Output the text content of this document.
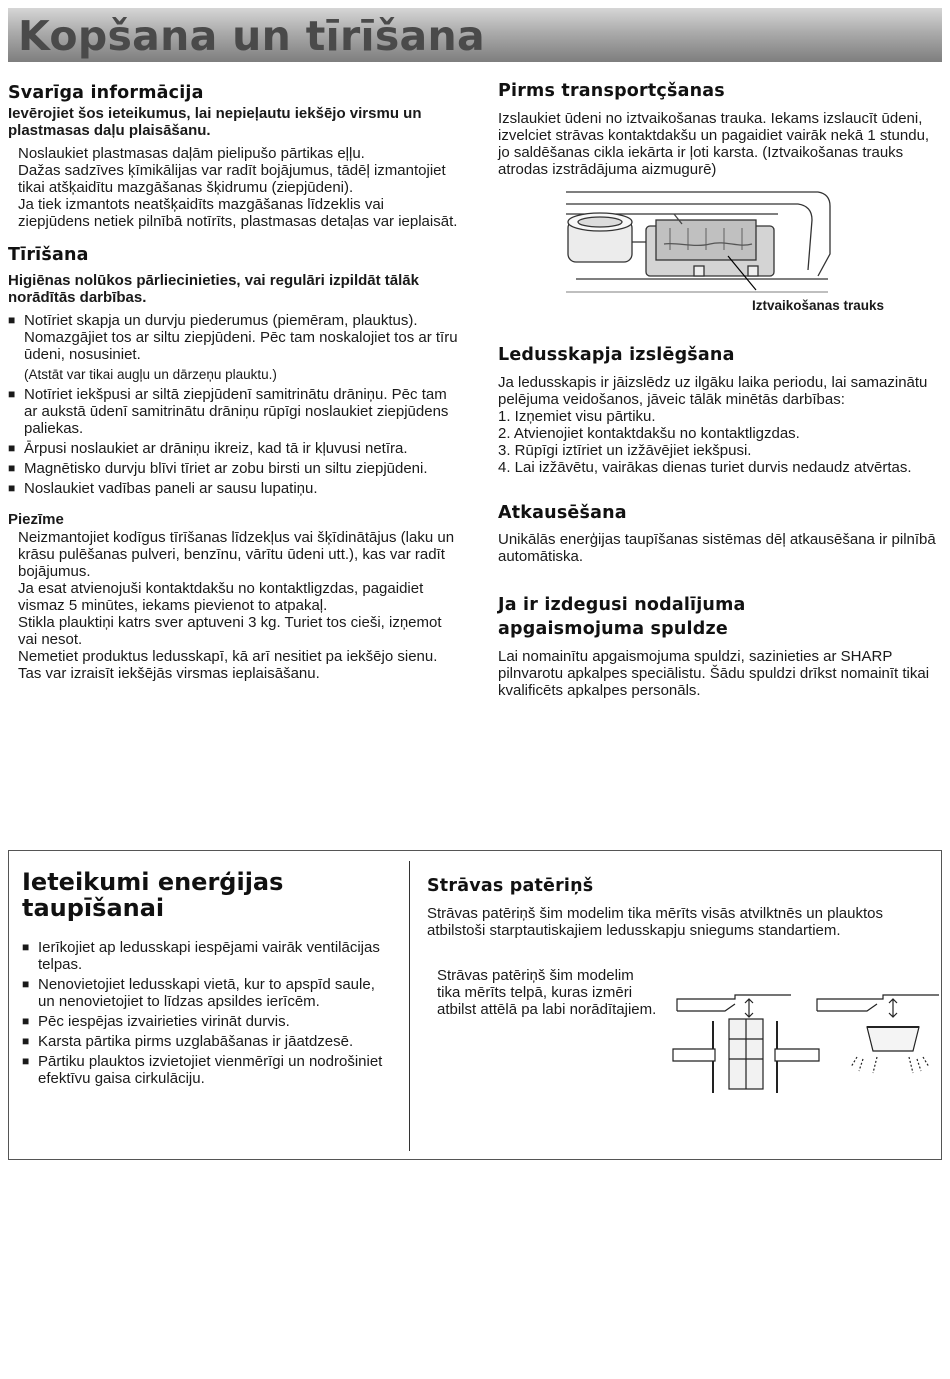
Kopšana un tīrīšana
Svarīga informācija

Ievērojiet šos ieteikumus, lai nepieļautu iekšējo virsmu un plastmasas daļu plaisāšanu.

Noslaukiet plastmasas daļām pielipušo pārtikas eļļu.

Dažas sadzīves ķīmikālijas var radīt bojājumus, tādēļ izmantojiet tikai atšķaidītu mazgāšanas šķidrumu (ziepjūdeni).

Ja tiek izmantots neatšķaidīts mazgāšanas līdzeklis vai ziepjūdens netiek pilnībā notīrīts, plastmasas detaļas var ieplaisāt.

Tīrīšana

Higiēnas nolūkos pārliecinieties, vai regulāri izpildāt tālāk norādītās darbības.

■ Notīriet skapja un durvju piederumus (piemēram, plauktus). Nomazgājiet tos ar siltu ziepjūdeni. Pēc tam noskalojiet tos ar tīru ūdeni, nosusiniet.
(Atstāt var tikai augļu un dārzeņu plauktu.)
■ Notīriet iekšpusi ar siltā ziepjūdenī samitrinātu drāniņu. Pēc tam ar aukstā ūdenī samitrinātu drāniņu rūpīgi noslaukiet ziepjūdens paliekas.
■ Ārpusi noslaukiet ar drāniņu ikreiz, kad tā ir kļuvusi netīra.
■ Magnētisko durvju blīvi tīriet ar zobu birsti un siltu ziepjūdeni.
■ Noslaukiet vadības paneli ar sausu lupatiņu.

Piezīme

Neizmantojiet kodīgus tīrīšanas līdzekļus vai šķīdinātājus (laku un krāsu pulēšanas pulveri, benzīnu, vārītu ūdeni utt.), kas var radīt bojājumus.

Ja esat atvienojuši kontaktdakšu no kontaktligzdas, pagaidiet vismaz 5 minūtes, iekams pievienot to atpakaļ.

Stikla plauktiņi katrs sver aptuveni 3 kg. Turiet tos cieši, izņemot vai nesot.

Nemetiet produktus ledusskapī, kā arī nesitiet pa iekšējo sienu. Tas var izraisīt iekšējās virsmas ieplaisāšanu.

Pirms transportçšanas

Izslaukiet ūdeni no iztvaikošanas trauka. Iekams izslaucīt ūdeni, izvelciet strāvas kontaktdakšu un pagaidiet vairāk nekā 1 stundu, jo saldēšanas cikla iekārta ir ļoti karsta. (Iztvaikošanas trauks atrodas izstrādājuma aizmugurē)

Iztvaikošanas trauks
Ledusskapja izslēgšana

Ja ledusskapis ir jāizslēdz uz ilgāku laika periodu, lai samazinātu pelējuma veidošanos, jāveic tālāk minētās darbības:

1. Izņemiet visu pārtiku.
2. Atvienojiet kontaktdakšu no kontaktligzdas.
3. Rūpīgi iztīriet un izžāvējiet iekšpusi.
4. Lai izžāvētu, vairākas dienas turiet durvis nedaudz atvērtas.
Atkausēšana

Unikālās enerģijas taupīšanas sistēmas dēļ atkausēšana ir pilnībā automātiska.

Ja ir izdegusi nodalījuma
apgaismojuma spuldze

Lai nomainītu apgaismojuma spuldzi, sazinieties ar SHARP pilnvarotu apkalpes speciālistu. Šādu spuldzi drīkst nomainīt tikai kvalificēts apkalpes personāls.

Ieteikumi enerģijas taupīšanai
■ Ierīkojiet ap ledusskapi iespējami vairāk ventilācijas telpas.
■ Nenovietojiet ledusskapi vietā, kur to apspīd saule, un nenovietojiet to līdzas apsildes ierīcēm.
■ Pēc iespējas izvairieties virināt durvis.
■ Karsta pārtika pirms uzglabāšanas ir jāatdzesē.
■ Pārtiku plauktos izvietojiet vienmērīgi un nodrošiniet efektīvu gaisa cirkulāciju.
Strāvas patēriņš

Strāvas patēriņš šim modelim tika mērīts visās atvilktnēs un plauktos atbilstoši starptautiskajiem ledusskapju sniegums standartiem.

Strāvas patēriņš šim modelim tika mērīts telpā, kuras izmēri atbilst attēlā pa labi norādītajiem.
